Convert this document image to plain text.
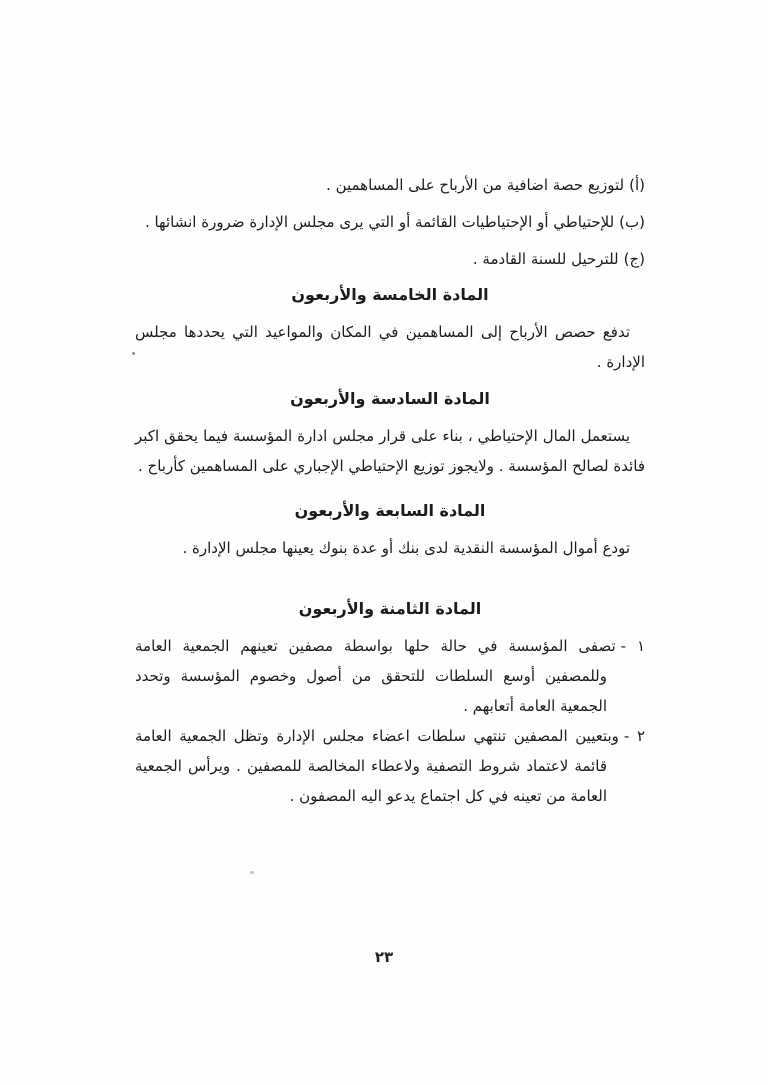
(أ)لتوزيع حصة اضافية من الأرباح على المساهمين .
(ب)للإحتياطي أو الإحتياطيات القائمة أو التي يرى مجلس الإدارة ضرورة انشائها .
(ج)للترحيل للسنة القادمة .
المادة الخامسة والأربعون

تدفع حصص الأرباح إلى المساهمين في المكان والمواعيد التي يحددها مجلس الإدارة .

المادة السادسة والأربعون

يستعمل المال الإحتياطي ، بناء على قرار مجلس ادارة المؤسسة فيما يحقق اكبر فائدة لصالح المؤسسة . ولايجوز توزيع الإحتياطي الإجباري على المساهمين كأرباح .

المادة السابعة والأربعون

تودع أموال المؤسسة النقدية لدى بنك أو عدة بنوك يعينها مجلس الإدارة .

المادة الثامنة والأربعون
١ -تصفى المؤسسة في حالة حلها بواسطة مصفين تعينهم الجمعية العامة وللمصفين أوسع السلطات للتحقق من أصول وخصوم المؤسسة وتحدد الجمعية العامة أتعابهم .
٢ -وبتعيين المصفين تنتهي سلطات اعضاء مجلس الإدارة وتظل الجمعية العامة قائمة لاعتماد شروط التصفية ولاعطاء المخالصة للمصفين . ويرأس الجمعية العامة من تعينه في كل اجتماع يدعو اليه المصفون .
٢٣
